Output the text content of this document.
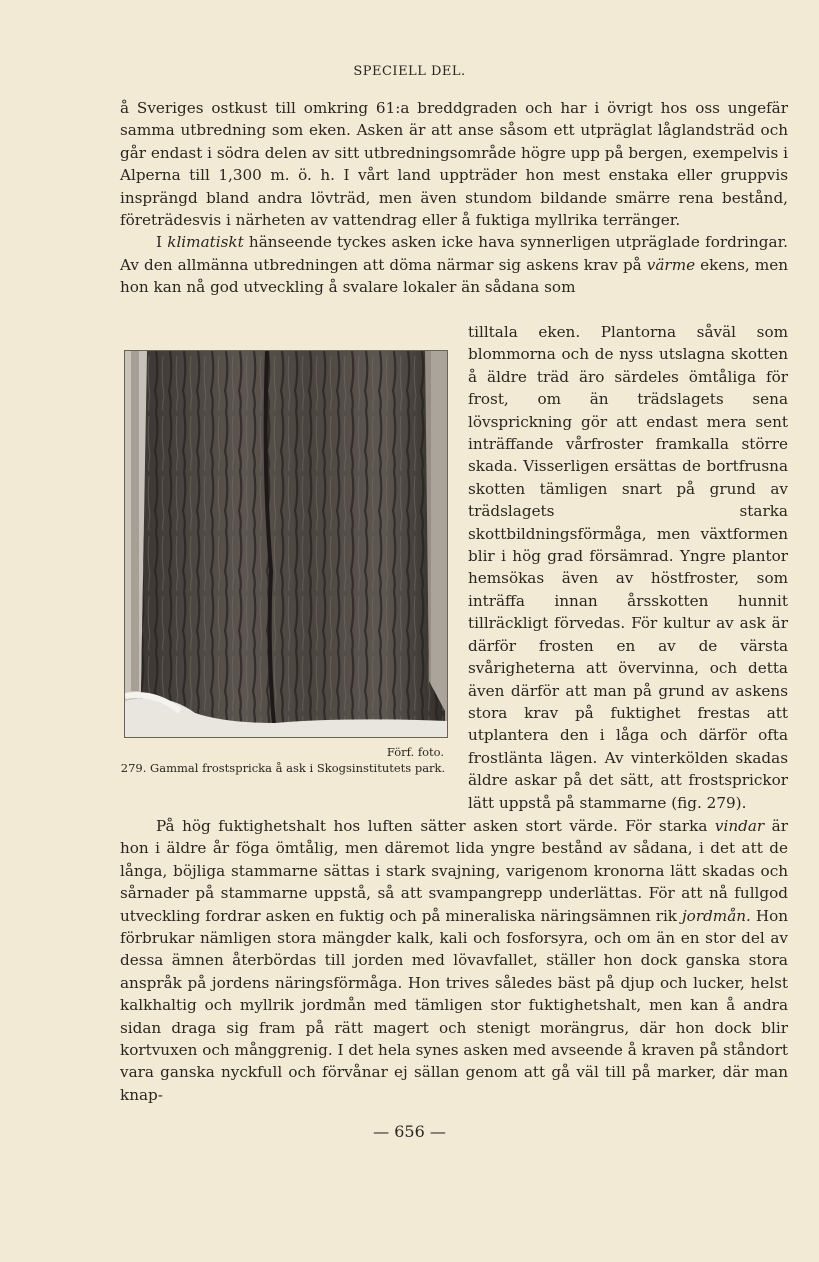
SPECIELL DEL.

å Sveriges ostkust till omkring 61:a breddgraden och har i övrigt hos oss ungefär samma utbredning som eken. Asken är att anse såsom ett utpräglat låglandsträd och går endast i södra delen av sitt utbredningsområde högre upp på bergen, exempelvis i Alperna till 1,300 m. ö. h. I vårt land uppträder hon mest enstaka eller gruppvis insprängd bland andra lövträd, men även stundom bildande smärre rena bestånd, företrädesvis i närheten av vattendrag eller å fuktiga myllrika terränger.

I klimatiskt hänseende tyckes asken icke hava synnerligen utpräglade fordringar. Av den allmänna utbredningen att döma närmar sig askens krav på värme ekens, men hon kan nå god utveckling å svalare lokaler än sådana som

tilltala eken. Plantorna såväl som blommorna och de nyss utslagna skotten å äldre träd äro särdeles ömtåliga för frost, om än trädslagets sena lövsprickning gör att endast mera sent inträffande vårfroster framkalla större skada. Visserligen ersättas de bortfrusna skotten tämligen snart på grund av trädslagets starka skottbildningsförmåga, men växtformen blir i hög grad försämrad. Yngre plantor hemsökas även av höstfroster, som inträffa innan årsskotten hunnit tillräckligt förvedas. För kultur av ask är därför frosten en av de värsta svårigheterna att övervinna, och detta även därför att man på grund av askens stora krav på fuktighet frestas att utplantera den i låga och därför ofta frostlänta lägen. Av vinterkölden skadas äldre askar på det sätt, att frostsprickor lätt uppstå på stammarne (fig. 279).

Förf. foto.
279. Gammal frostspricka å ask i Skogsinstitutets park.

På hög fuktighetshalt hos luften sätter asken stort värde. För starka vindar är hon i äldre år föga ömtålig, men däremot lida yngre bestånd av sådana, i det att de långa, böjliga stammarne sättas i stark svajning, varigenom kronorna lätt skadas och sårnader på stammarne uppstå, så att svampangrepp underlättas. För att nå fullgod utveckling fordrar asken en fuktig och på mineraliska näringsämnen rik jordmån. Hon förbrukar nämligen stora mängder kalk, kali och fosforsyra, och om än en stor del av dessa ämnen återbördas till jorden med lövavfallet, ställer hon dock ganska stora anspråk på jordens näringsförmåga. Hon trives således bäst på djup och lucker, helst kalkhaltig och myllrik jordmån med tämligen stor fuktighetshalt, men kan å andra sidan draga sig fram på rätt magert och stenigt morängrus, där hon dock blir kortvuxen och månggrenig. I det hela synes asken med avseende å kraven på ståndort vara ganska nyckfull och förvånar ej sällan genom att gå väl till på marker, där man knap-

— 656 —
